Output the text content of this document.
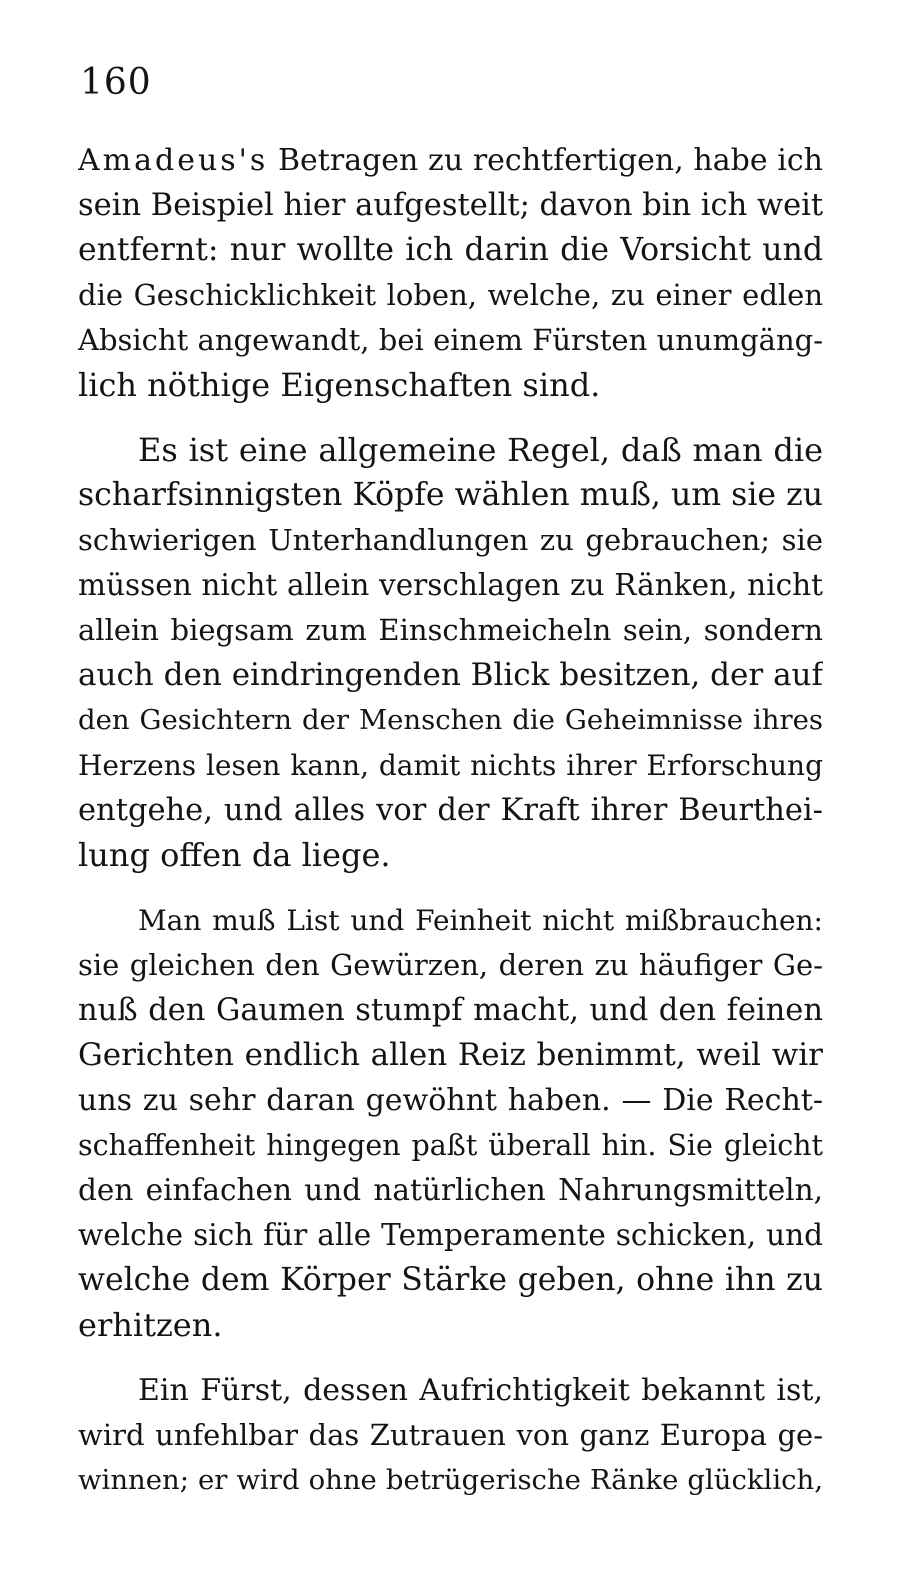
160
Amadeus's Betragen zu rechtfertigen, habe ich
sein Beispiel hier aufgestellt; davon bin ich weit
entfernt: nur wollte ich darin die Vorsicht und
die Geschicklichkeit loben, welche, zu einer edlen
Absicht angewandt, bei einem Fürsten unumgäng-
lich nöthige Eigenschaften sind.
Es ist eine allgemeine Regel, daß man die
scharfsinnigsten Köpfe wählen muß, um sie zu
schwierigen Unterhandlungen zu gebrauchen; sie
müssen nicht allein verschlagen zu Ränken, nicht
allein biegsam zum Einschmeicheln sein, sondern
auch den eindringenden Blick besitzen, der auf
den Gesichtern der Menschen die Geheimnisse ihres
Herzens lesen kann, damit nichts ihrer Erforschung
entgehe, und alles vor der Kraft ihrer Beurthei-
lung offen da liege.
Man muß List und Feinheit nicht mißbrauchen:
sie gleichen den Gewürzen, deren zu häufiger Ge-
nuß den Gaumen stumpf macht, und den feinen
Gerichten endlich allen Reiz benimmt, weil wir
uns zu sehr daran gewöhnt haben. — Die Recht-
schaffenheit hingegen paßt überall hin. Sie gleicht
den einfachen und natürlichen Nahrungsmitteln,
welche sich für alle Temperamente schicken, und
welche dem Körper Stärke geben, ohne ihn zu
erhitzen.
Ein Fürst, dessen Aufrichtigkeit bekannt ist,
wird unfehlbar das Zutrauen von ganz Europa ge-
winnen; er wird ohne betrügerische Ränke glücklich,
